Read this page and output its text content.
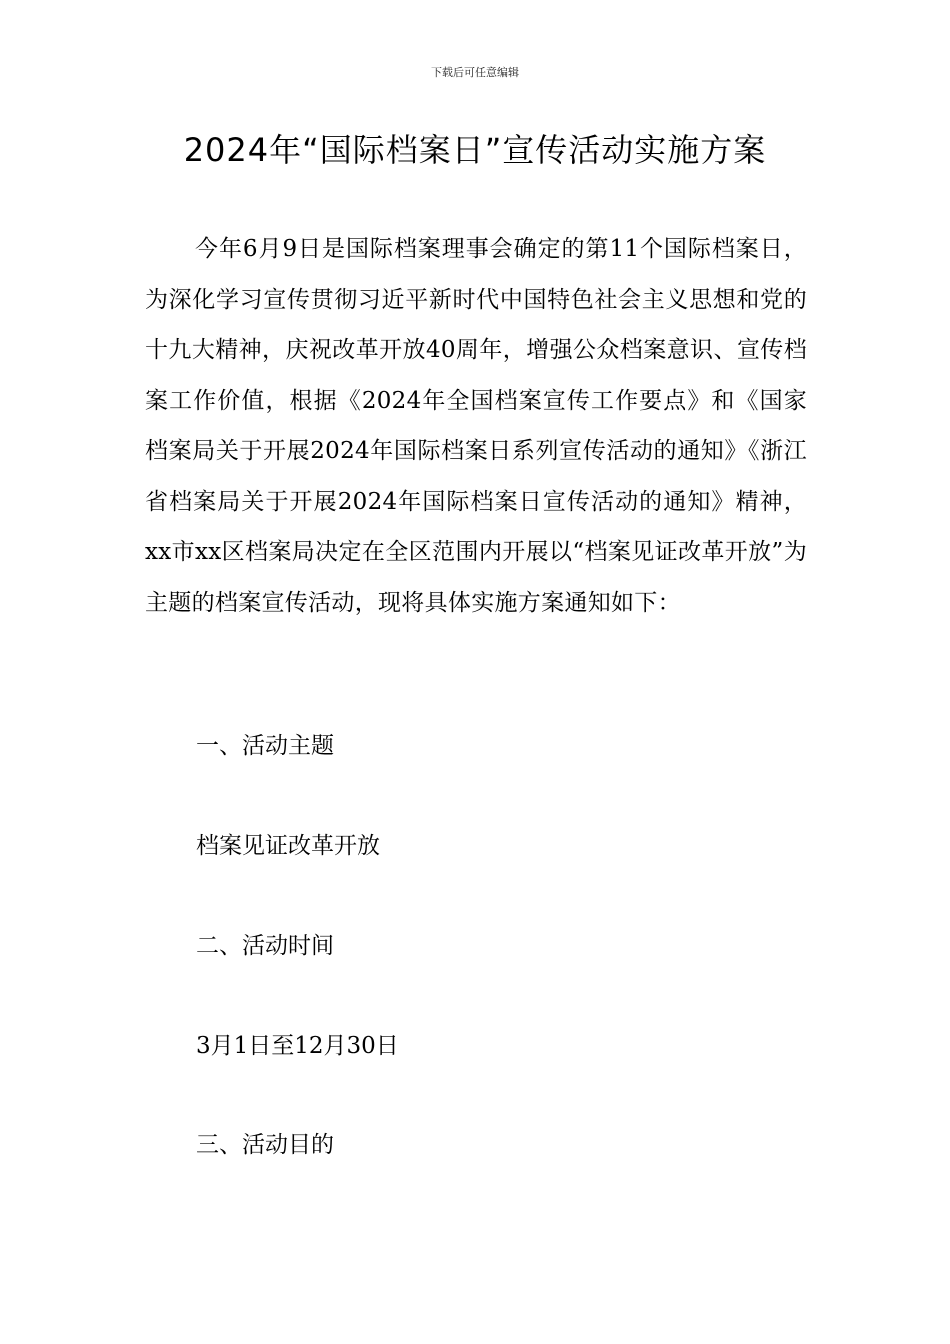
下载后可任意编辑
2024年“国际档案日”宣传活动实施方案

今年6月9日是国际档案理事会确定的第11个国际档案日，为深化学习宣传贯彻习近平新时代中国特色社会主义思想和党的十九大精神，庆祝改革开放40周年，增强公众档案意识、宣传档案工作价值，根据《2024年全国档案宣传工作要点》和《国家档案局关于开展2024年国际档案日系列宣传活动的通知》《浙江省档案局关于开展2024年国际档案日宣传活动的通知》精神，xx市xx区档案局决定在全区范围内开展以“档案见证改革开放”为主题的档案宣传活动，现将具体实施方案通知如下：

一、活动主题

档案见证改革开放

二、活动时间

3月1日至12月30日

三、活动目的
